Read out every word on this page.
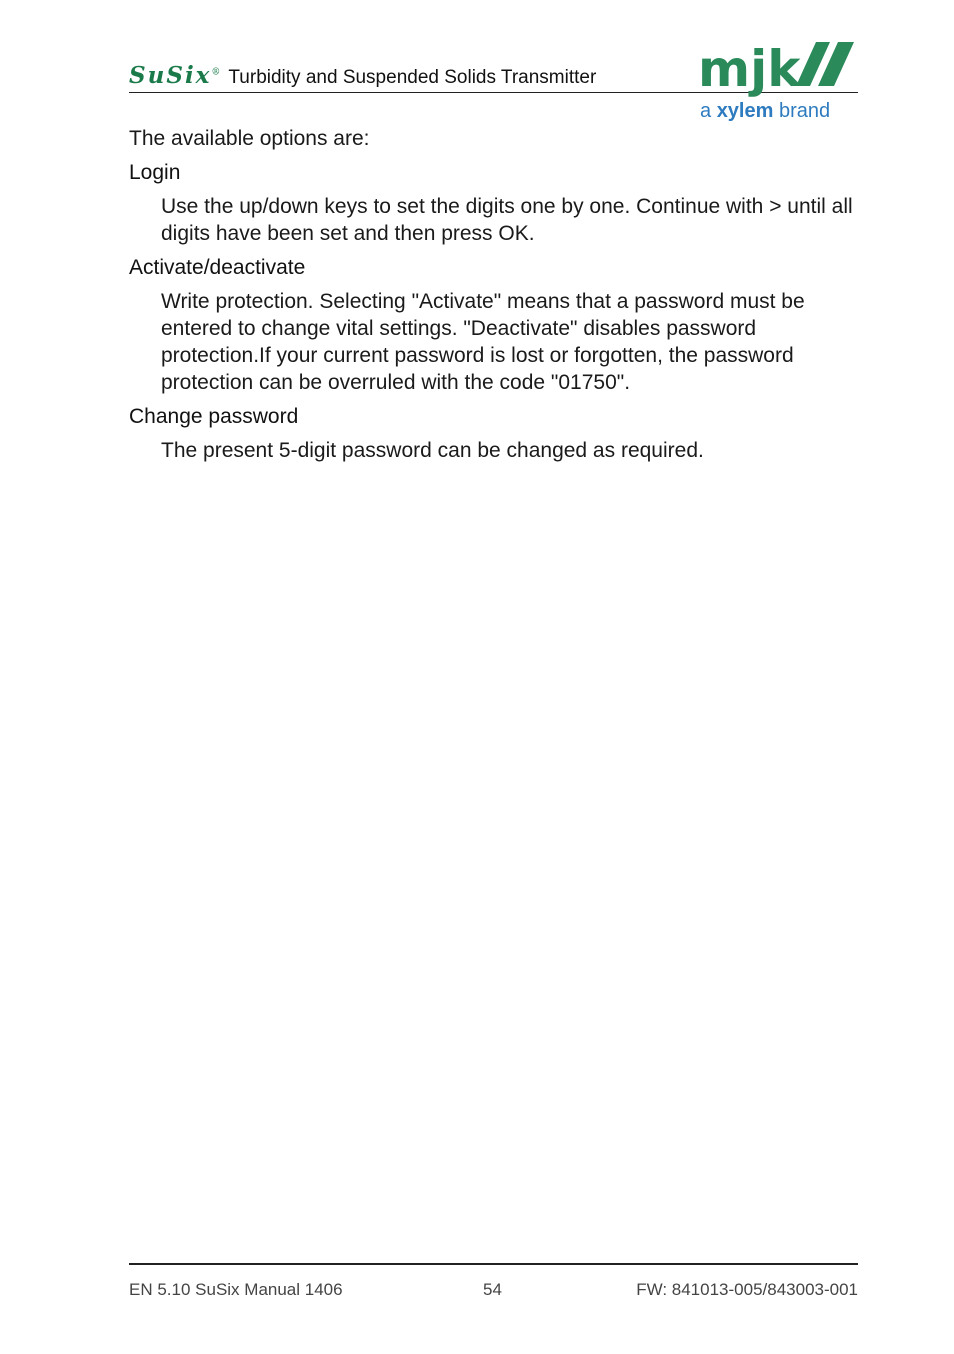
SuSix® Turbidity and Suspended Solids Transmitter mjk
a xylem brand

The available options are:

Login

Use the up/down keys to set the digits one by one. Continue with > until all digits have been set and then press OK.

Activate/deactivate

Write protection. Selecting "Activate" means that a password must be entered to change vital settings. "Deactivate" disables password protection.If your current password is lost or forgotten, the password protection can be overruled with the code "01750".

Change password

The present 5-digit password can be changed as required.

EN 5.10 SuSix Manual 1406	54	FW: 841013-005/843003-001
